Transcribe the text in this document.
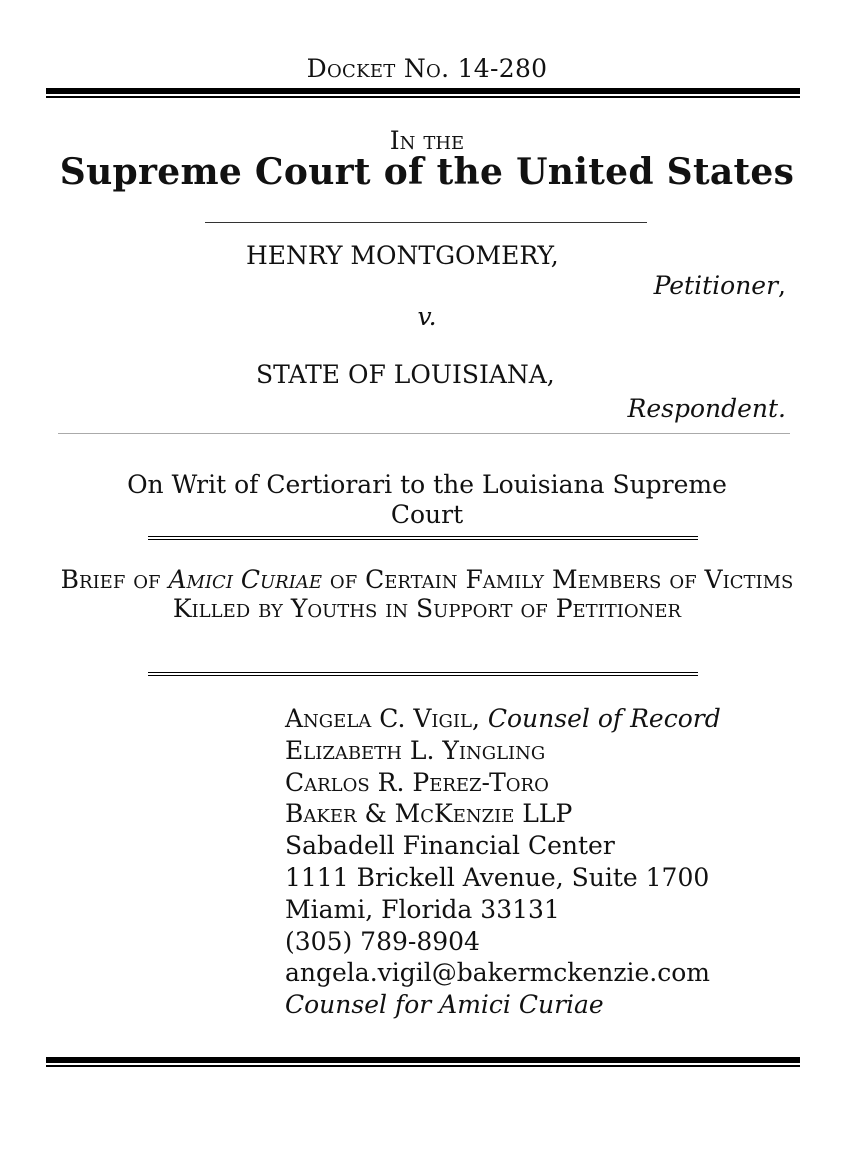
Docket No. 14-280
In the
Supreme Court of the United States
HENRY MONTGOMERY,
Petitioner,
v.
STATE OF LOUISIANA,
Respondent.
On Writ of Certiorari to the Louisiana Supreme Court
Brief of Amici Curiae of Certain Family Members of Victims Killed by Youths in Support of Petitioner
Angela C. Vigil, Counsel of Record
Elizabeth L. Yingling
Carlos R. Perez-Toro
Baker & McKenzie LLP
Sabadell Financial Center
1111 Brickell Avenue, Suite 1700
Miami, Florida 33131
(305) 789-8904
angela.vigil@bakermckenzie.com
Counsel for Amici Curiae
